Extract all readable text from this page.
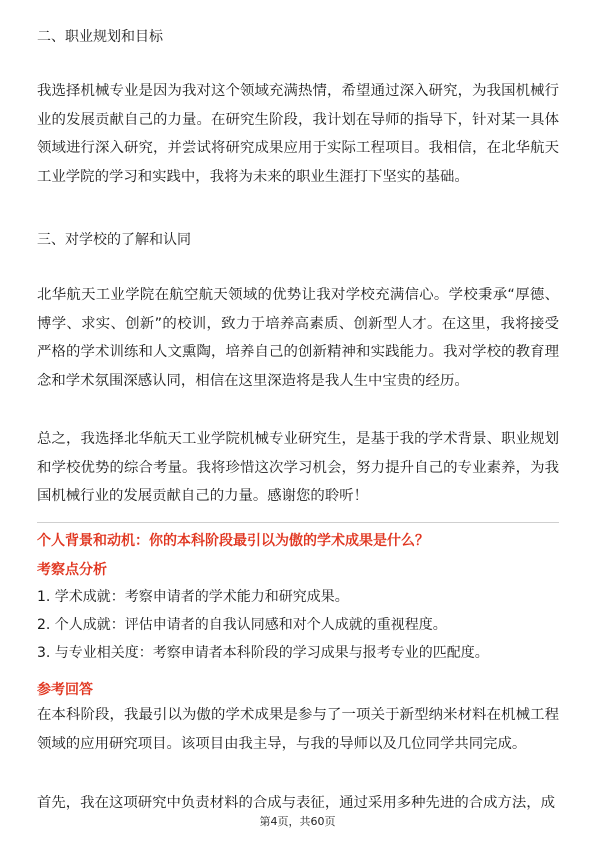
二、职业规划和目标
我选择机械专业是因为我对这个领域充满热情，希望通过深入研究，为我国机械行业的发展贡献自己的力量。在研究生阶段，我计划在导师的指导下，针对某一具体领域进行深入研究，并尝试将研究成果应用于实际工程项目。我相信，在北华航天工业学院的学习和实践中，我将为未来的职业生涯打下坚实的基础。
三、对学校的了解和认同
北华航天工业学院在航空航天领域的优势让我对学校充满信心。学校秉承“厚德、博学、求实、创新”的校训，致力于培养高素质、创新型人才。在这里，我将接受严格的学术训练和人文熏陶，培养自己的创新精神和实践能力。我对学校的教育理念和学术氛围深感认同，相信在这里深造将是我人生中宝贵的经历。
总之，我选择北华航天工业学院机械专业研究生，是基于我的学术背景、职业规划和学校优势的综合考量。我将珍惜这次学习机会，努力提升自己的专业素养，为我国机械行业的发展贡献自己的力量。感谢您的聆听！
个人背景和动机：你的本科阶段最引以为傲的学术成果是什么？
考察点分析
1. 学术成就：考察申请者的学术能力和研究成果。
2. 个人成就：评估申请者的自我认同感和对个人成就的重视程度。
3. 与专业相关度：考察申请者本科阶段的学习成果与报考专业的匹配度。
参考回答
在本科阶段，我最引以为傲的学术成果是参与了一项关于新型纳米材料在机械工程领域的应用研究项目。该项目由我主导，与我的导师以及几位同学共同完成。
首先，我在这项研究中负责材料的合成与表征，通过采用多种先进的合成方法，成
第4页，共60页
